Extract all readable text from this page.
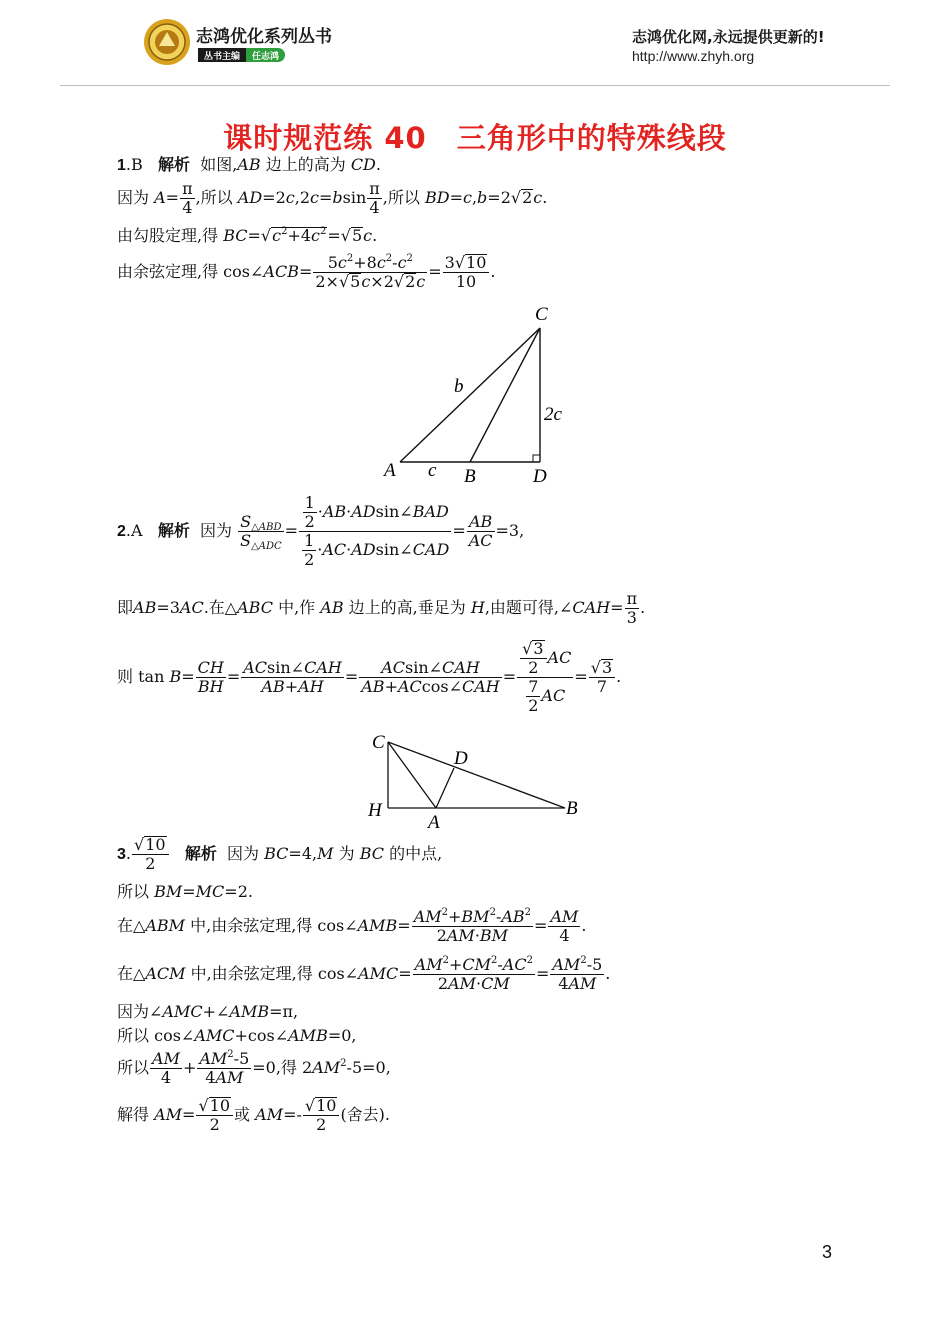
志鸿优化系列丛书
丛书主编	任志鸿
志鸿优化网,永远提供更新的!
http://www.zhyh.org
课时规范练 40　三角形中的特殊线段
1.B 解析 如图,AB 边上的高为 CD.
因为 $A= \frac{\pi}{4}$ ,所以 $AD=2c,2c=bsin \frac{\pi}{4}$ ,所以 BD=c,b=2√2c.
由勾股定理,得 $BC=√c^2+4c^2=√5c$.
由余弦定理,得 cos∠ACB= $\frac{5c^2+8c^2-c^2}{2\times√5c\times 2√2c} = \frac{3√10}{10}$ .
C
A	B	D
b
c
2c
2.A 解析 因为 $\frac{S_{\triangle ABD}}{S_{\triangle ADC}} = \frac{\frac{1}{2} \cdot AB\cdot ADsin\angle BAD}{\frac{1}{2} \cdot AC\cdot ADsin\angle CAD} = \frac{AB}{AC} =3$,
即AB=3AC.在△ABC 中,作 AB 边上的高,垂足为 H,由题可得,∠CAH= $\frac{\pi}{3}$ .
则 $\tan B= \frac{CH}{BH} = \frac{\text{ACsin∠CAH}}{AB+AH} = \frac{\text{ACsin∠CAH}}{\text{AB+ACcos∠CAH}} = \frac{\frac{√3}{2} AC}{\frac{7}{2} AC} = \frac{√3}{7}$ .
C
D
H
A
B
3. $\frac{√10}{2}$ 解析 因为 BC=4,M 为 BC 的中点,
所以 BM=MC=2.
在△ABM 中,由余弦定理,得 cos∠AMB= $\frac{AM^2+BM^2-AB^2}{2AM\cdot BM} = \frac{AM}{4}$ .
在△ACM 中,由余弦定理,得 cos∠AMC= $\frac{AM^2+CM^2-AC^2}{2AM\cdot CM} = \frac{AM^2-5}{4AM}$ .
因为∠AMC+∠AMB=π,
所以 cos∠AMC+cos∠AMB=0,
所以 $\frac{AM}{4} + \frac{AM^2-5}{4AM} =0$,得 $2AM^2-5=0$,
解得 $AM= \frac{√10}{2}$ 或 $AM=- \frac{√10}{2}$ (舍去).
3
